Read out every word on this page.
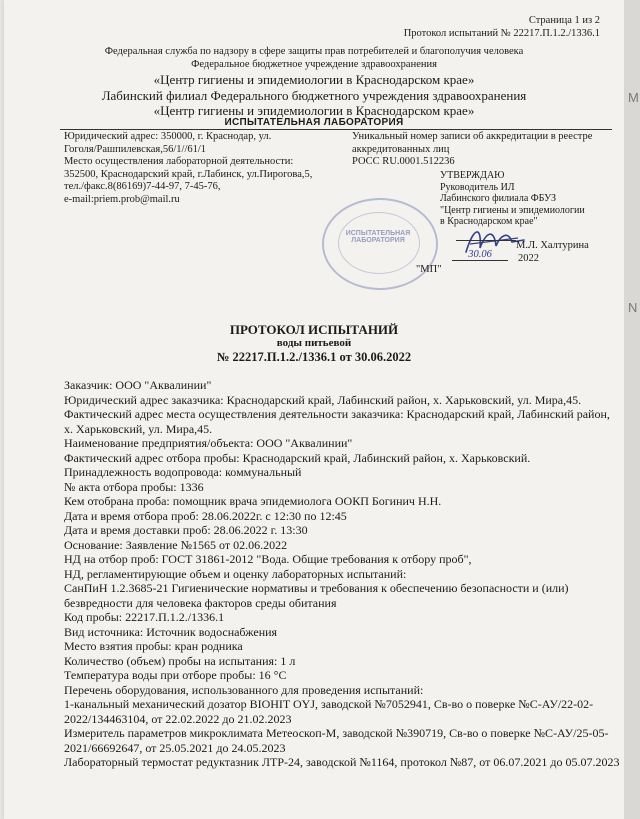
Страница 1 из 2
Протокол испытаний № 22217.П.1.2./1336.1
Федеральная служба по надзору в сфере защиты прав потребителей и благополучия человека
Федеральное бюджетное учреждение здравоохранения
«Центр гигиены и эпидемиологии в Краснодарском крае»
Лабинский филиал Федерального бюджетного учреждения здравоохранения
«Центр гигиены и эпидемиологии в Краснодарском крае»
ИСПЫТАТЕЛЬНАЯ ЛАБОРАТОРИЯ
Юридический адрес: 350000, г. Краснодар, ул.
Гоголя/Рашпилевская,56/1//61/1
Место осуществления лабораторной деятельности:
352500, Краснодарский край, г.Лабинск, ул.Пирогова,5,
тел./факс.8(86169)7-44-97, 7-45-76,
e-mail:priem.prob@mail.ru
Уникальный номер записи об аккредитации в реестре
аккредитованных лиц
РОСС RU.0001.512236
УТВЕРЖДАЮ
Руководитель ИЛ
Лабинского филиала ФБУЗ
"Центр гигиены и эпидемиологии
в Краснодарском крае"
ИСПЫТАТЕЛЬНАЯ ЛАБОРАТОРИЯ	М.Л. Халтурина
"МП"
30.06	2022
ПРОТОКОЛ ИСПЫТАНИЙ
воды питьевой
№ 22217.П.1.2./1336.1 от 30.06.2022

Заказчик: ООО "Аквалинии"

Юридический адрес заказчика: Краснодарский край, Лабинский район, х. Харьковский, ул. Мира,45.

Фактический адрес места осуществления деятельности заказчика: Краснодарский край, Лабинский район, х. Харьковский, ул. Мира,45.

Наименование предприятия/объекта: ООО "Аквалинии"

Фактический адрес отбора пробы: Краснодарский край, Лабинский район, х. Харьковский.

Принадлежность водопровода: коммунальный

№ акта отбора пробы: 1336

Кем отобрана проба: помощник врача эпидемиолога ООКП Богинич Н.Н.

Дата и время отбора проб: 28.06.2022г. с 12:30 по 12:45

Дата и время доставки проб: 28.06.2022 г. 13:30

Основание: Заявление №1565 от 02.06.2022

НД на отбор проб: ГОСТ 31861-2012 "Вода. Общие требования к отбору проб",

НД, регламентирующие объем и оценку лабораторных испытаний:

СанПиН 1.2.3685-21 Гигиенические нормативы и требования к обеспечению безопасности и (или) безвредности для человека факторов среды обитания

Код пробы: 22217.П.1.2./1336.1

Вид источника: Источник водоснабжения

Место взятия пробы: кран родника

Количество (объем) пробы на испытания: 1 л

Температура воды при отборе пробы: 16 °С

Перечень оборудования, использованного для проведения испытаний:

1-канальный механический дозатор BIOHIT OYJ, заводской №7052941, Св-во о поверке №С-АУ/22-02-2022/134463104, от 22.02.2022 до 21.02.2023

Измеритель параметров микроклимата Метеоскоп-М, заводской №390719, Св-во о поверке №С-АУ/25-05-2021/66692647, от 25.05.2021 до 24.05.2023

Лабораторный термостат редуктазник ЛТР-24, заводской №1164, протокол №87, от 06.07.2021 до 05.07.2023

М
N
